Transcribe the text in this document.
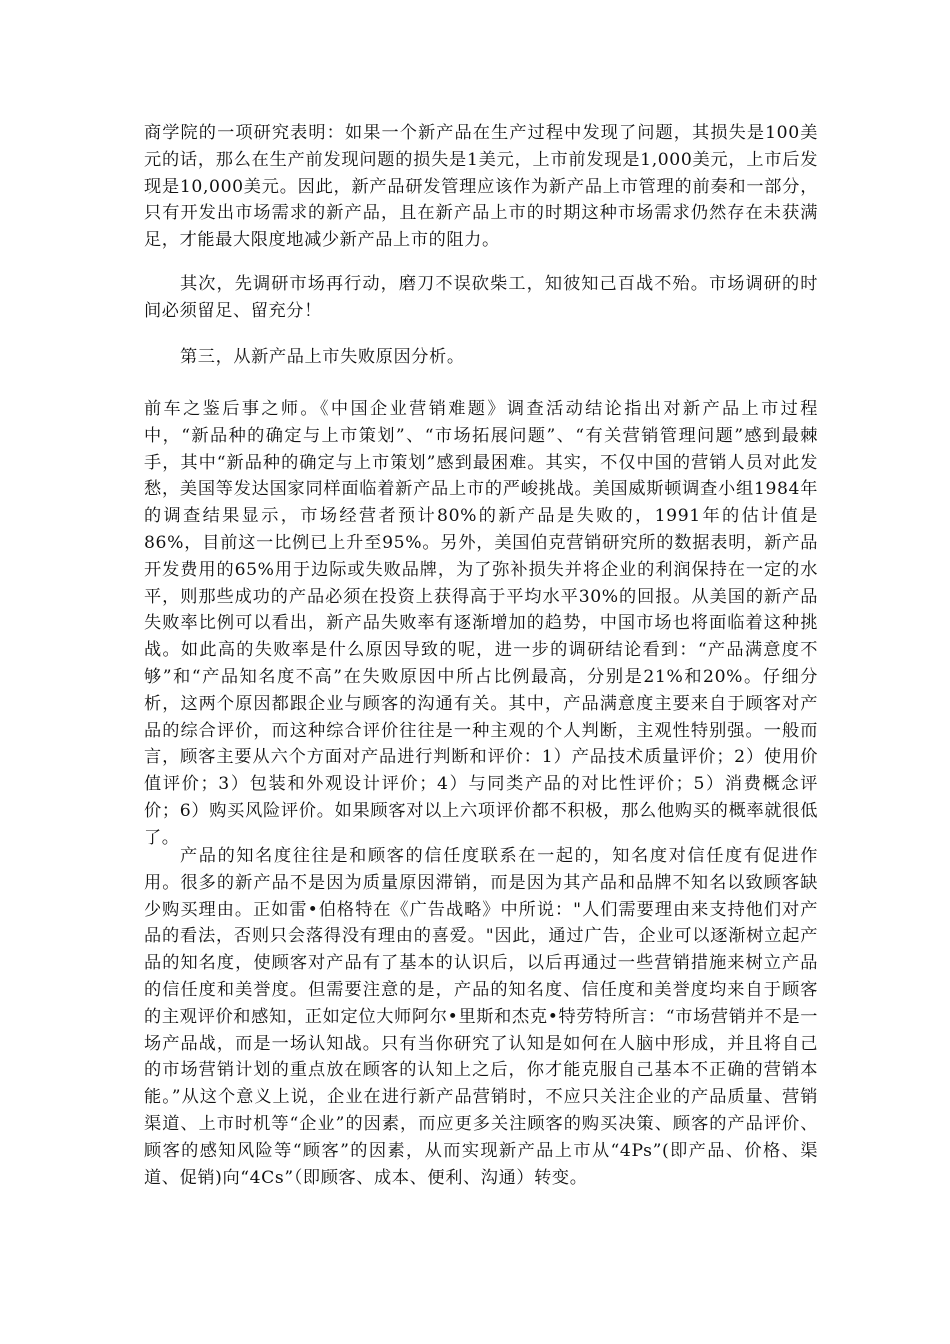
商学院的一项研究表明：如果一个新产品在生产过程中发现了问题，其损失是100美元的话，那么在生产前发现问题的损失是1美元，上市前发现是1,000美元，上市后发现是10,000美元。因此，新产品研发管理应该作为新产品上市管理的前奏和一部分，只有开发出市场需求的新产品，且在新产品上市的时期这种市场需求仍然存在未获满足，才能最大限度地减少新产品上市的阻力。

其次，先调研市场再行动，磨刀不误砍柴工，知彼知己百战不殆。市场调研的时间必须留足、留充分！

第三，从新产品上市失败原因分析。

前车之鉴后事之师。《中国企业营销难题》调查活动结论指出对新产品上市过程中，“新品种的确定与上市策划”、“市场拓展问题”、“有关营销管理问题”感到最棘手，其中“新品种的确定与上市策划”感到最困难。其实，不仅中国的营销人员对此发愁，美国等发达国家同样面临着新产品上市的严峻挑战。美国威斯顿调查小组1984年的调查结果显示，市场经营者预计80%的新产品是失败的，1991年的估计值是86%，目前这一比例已上升至95%。另外，美国伯克营销研究所的数据表明，新产品开发费用的65%用于边际或失败品牌，为了弥补损失并将企业的利润保持在一定的水平，则那些成功的产品必须在投资上获得高于平均水平30%的回报。从美国的新产品失败率比例可以看出，新产品失败率有逐渐增加的趋势，中国市场也将面临着这种挑战。如此高的失败率是什么原因导致的呢，进一步的调研结论看到：“产品满意度不够”和“产品知名度不高”在失败原因中所占比例最高，分别是21%和20%。仔细分析，这两个原因都跟企业与顾客的沟通有关。其中，产品满意度主要来自于顾客对产品的综合评价，而这种综合评价往往是一种主观的个人判断，主观性特别强。一般而言，顾客主要从六个方面对产品进行判断和评价：1）产品技术质量评价；2）使用价值评价；3）包装和外观设计评价；4）与同类产品的对比性评价；5）消费概念评价；6）购买风险评价。如果顾客对以上六项评价都不积极，那么他购买的概率就很低了。

产品的知名度往往是和顾客的信任度联系在一起的，知名度对信任度有促进作用。很多的新产品不是因为质量原因滞销，而是因为其产品和品牌不知名以致顾客缺少购买理由。正如雷•伯格特在《广告战略》中所说："人们需要理由来支持他们对产品的看法，否则只会落得没有理由的喜爱。"因此，通过广告，企业可以逐渐树立起产品的知名度，使顾客对产品有了基本的认识后，以后再通过一些营销措施来树立产品的信任度和美誉度。但需要注意的是，产品的知名度、信任度和美誉度均来自于顾客的主观评价和感知，正如定位大师阿尔•里斯和杰克•特劳特所言：“市场营销并不是一场产品战，而是一场认知战。只有当你研究了认知是如何在人脑中形成，并且将自己的市场营销计划的重点放在顾客的认知上之后，你才能克服自己基本不正确的营销本能。”从这个意义上说，企业在进行新产品营销时，不应只关注企业的产品质量、营销渠道、上市时机等“企业”的因素，而应更多关注顾客的购买决策、顾客的产品评价、顾客的感知风险等“顾客”的因素，从而实现新产品上市从“4Ps”(即产品、价格、渠道、促销)向“4Cs”（即顾客、成本、便利、沟通）转变。
